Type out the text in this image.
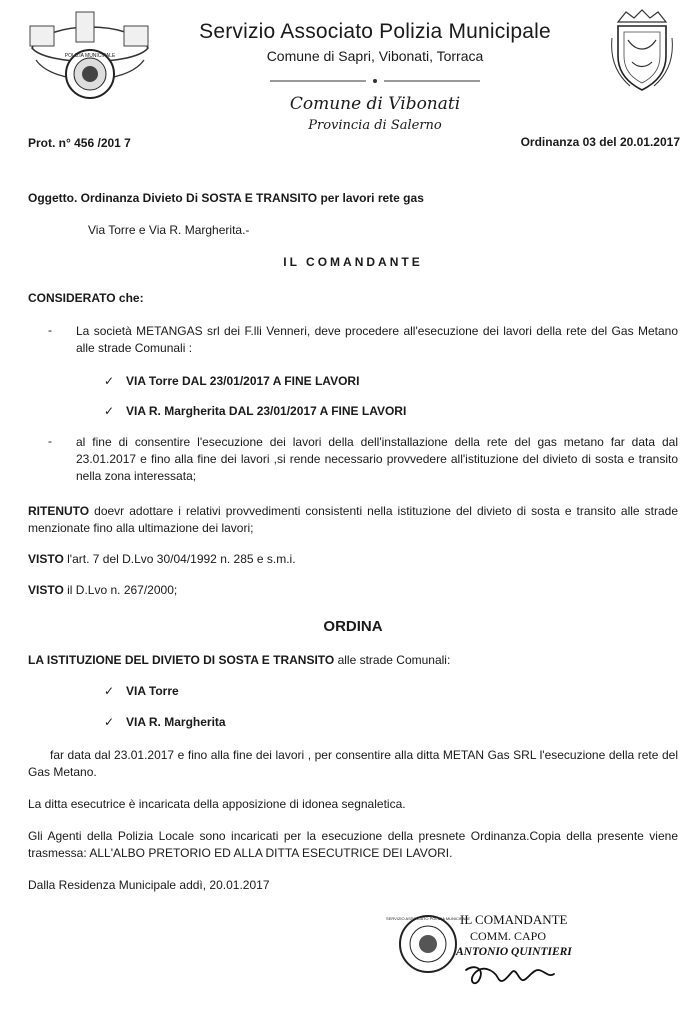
POLIZIA MUNICIPALE
Servizio Associato Polizia Municipale
Comune di Sapri, Vibonati, Torraca
Comune di Vibonati
Provincia di Salerno

Prot. n° 456 /201 7	Ordinanza 03 del 20.01.2017

Oggetto. Ordinanza Divieto Di SOSTA E TRANSITO per lavori rete gas

Via Torre e Via R. Margherita.-

IL COMANDANTE

CONSIDERATO che:

- La società METANGAS srl dei F.lli Venneri, deve procedere all'esecuzione dei lavori della rete del Gas Metano alle strade Comunali :

✓ VIA Torre DAL 23/01/2017 A FINE LAVORI

✓ VIA R. Margherita DAL 23/01/2017 A FINE LAVORI

- al fine di consentire l'esecuzione dei lavori della dell'installazione della rete del gas metano far data dal 23.01.2017 e fino alla fine dei lavori ,si rende necessario provvedere all'istituzione del divieto di sosta e transito nella zona interessata;

RITENUTO doevr adottare i relativi provvedimenti consistenti nella istituzione del divieto di sosta e transito alle strade menzionate fino alla ultimazione dei lavori;

VISTO l'art. 7 del D.Lvo 30/04/1992 n. 285 e s.m.i.

VISTO il D.Lvo n. 267/2000;

ORDINA

LA ISTITUZIONE DEL DIVIETO DI SOSTA E TRANSITO alle strade Comunali:

✓ VIA Torre

✓ VIA R. Margherita

far data dal 23.01.2017 e fino alla fine dei lavori , per consentire alla ditta METAN Gas SRL l'esecuzione della rete del Gas Metano.

La ditta esecutrice è incaricata della apposizione di idonea segnaletica.

Gli Agenti della Polizia Locale sono incaricati per la esecuzione della presnete Ordinanza.Copia della presente viene trasmessa: ALL'ALBO PRETORIO ED ALLA DITTA ESECUTRICE DEI LAVORI.

Dalla Residenza Municipale addì, 20.01.2017

SERVIZIO ASSOCIATO POLIZIA MUNICIPALE
IL COMANDANTE
COMM. CAPO
ANTONIO QUINTIERI
